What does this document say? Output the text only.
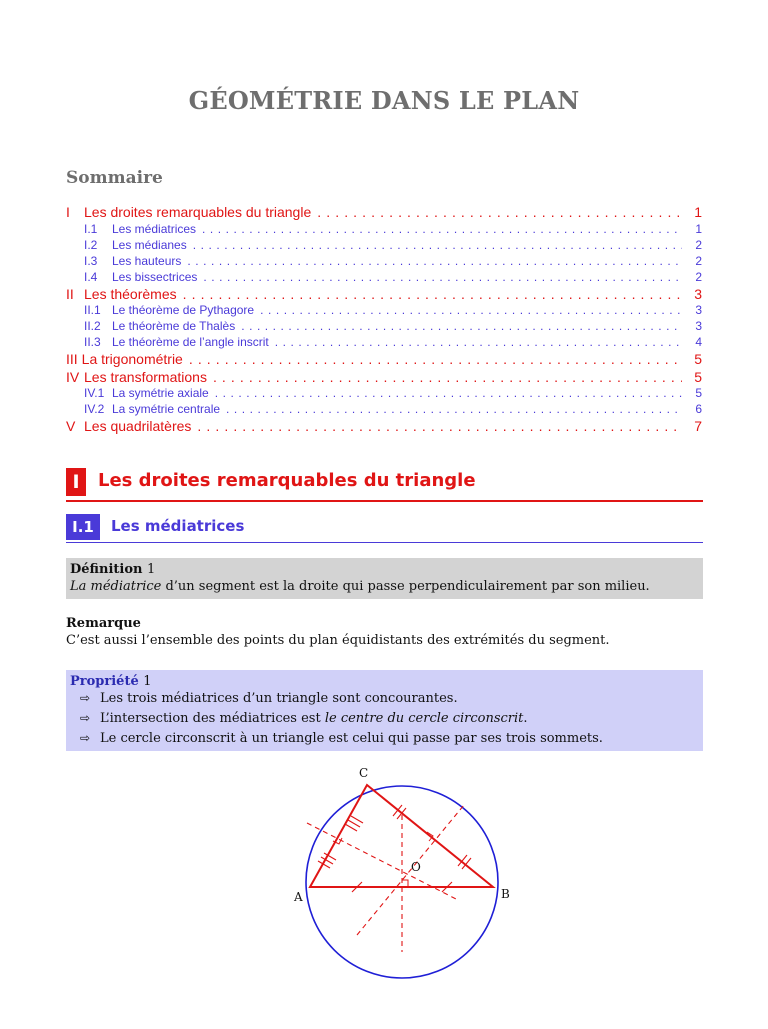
GÉOMÉTRIE DANS LE PLAN
Sommaire
I	Les droites remarquables du triangle . . .	1
I.1	Les médiatrices . . .	1
I.2	Les médianes . . .	2
I.3	Les hauteurs . . .	2
I.4	Les bissectrices . . .	2
II Les théorèmes . . .	3
II.1 Le théorème de Pythagore . . .	3
II.2 Le théorème de Thalès . . .	3
II.3 Le théorème de l’angle inscrit . . .	4
III La trigonométrie . . .	5
IV Les transformations . . .	5
IV.1 La symétrie axiale . . .	5
IV.2 La symétrie centrale . . .	6
V Les quadrilatères . . .	7
I	Les droites remarquables du triangle
I.1	Les médiatrices
Définition 1
La médiatrice d’un segment est la droite qui passe perpendiculairement par son milieu.
Remarque
C’est aussi l’ensemble des points du plan équidistants des extrémités du segment.
Propriété 1
⇨ Les trois médiatrices d’un triangle sont concourantes.
⇨ L’intersection des médiatrices est le centre du cercle circonscrit.
⇨ Le cercle circonscrit à un triangle est celui qui passe par ses trois sommets.
A	B
C
O
